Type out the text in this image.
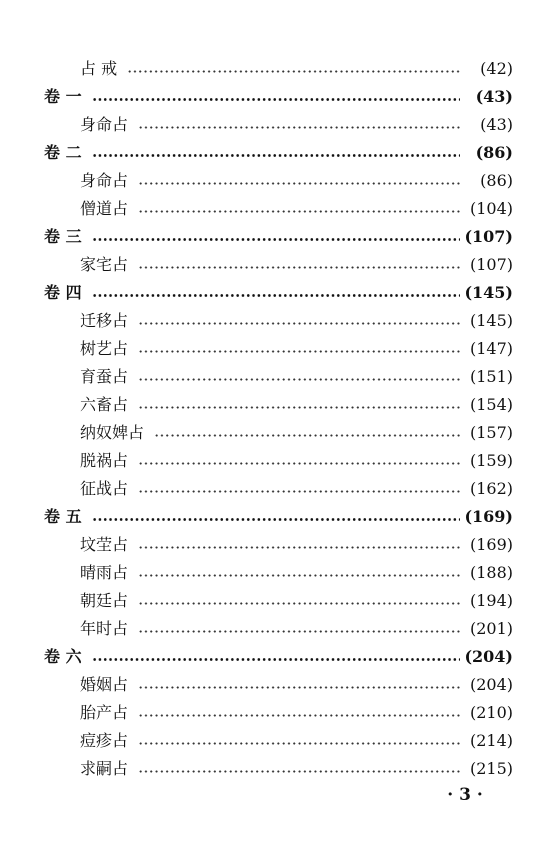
占 戒	(42)
卷 一	(43)
身命占	(43)
卷 二	(86)
身命占	(86)
僧道占	(104)
卷 三	(107)
家宅占	(107)
卷 四	(145)
迁移占	(145)
树艺占	(147)
育蚕占	(151)
六畜占	(154)
纳奴婢占	(157)
脱祸占	(159)
征战占	(162)
卷 五	(169)
坟茔占	(169)
晴雨占	(188)
朝廷占	(194)
年时占	(201)
卷 六	(204)
婚姻占	(204)
胎产占	(210)
痘疹占	(214)
求嗣占	(215)
· 3 ·
